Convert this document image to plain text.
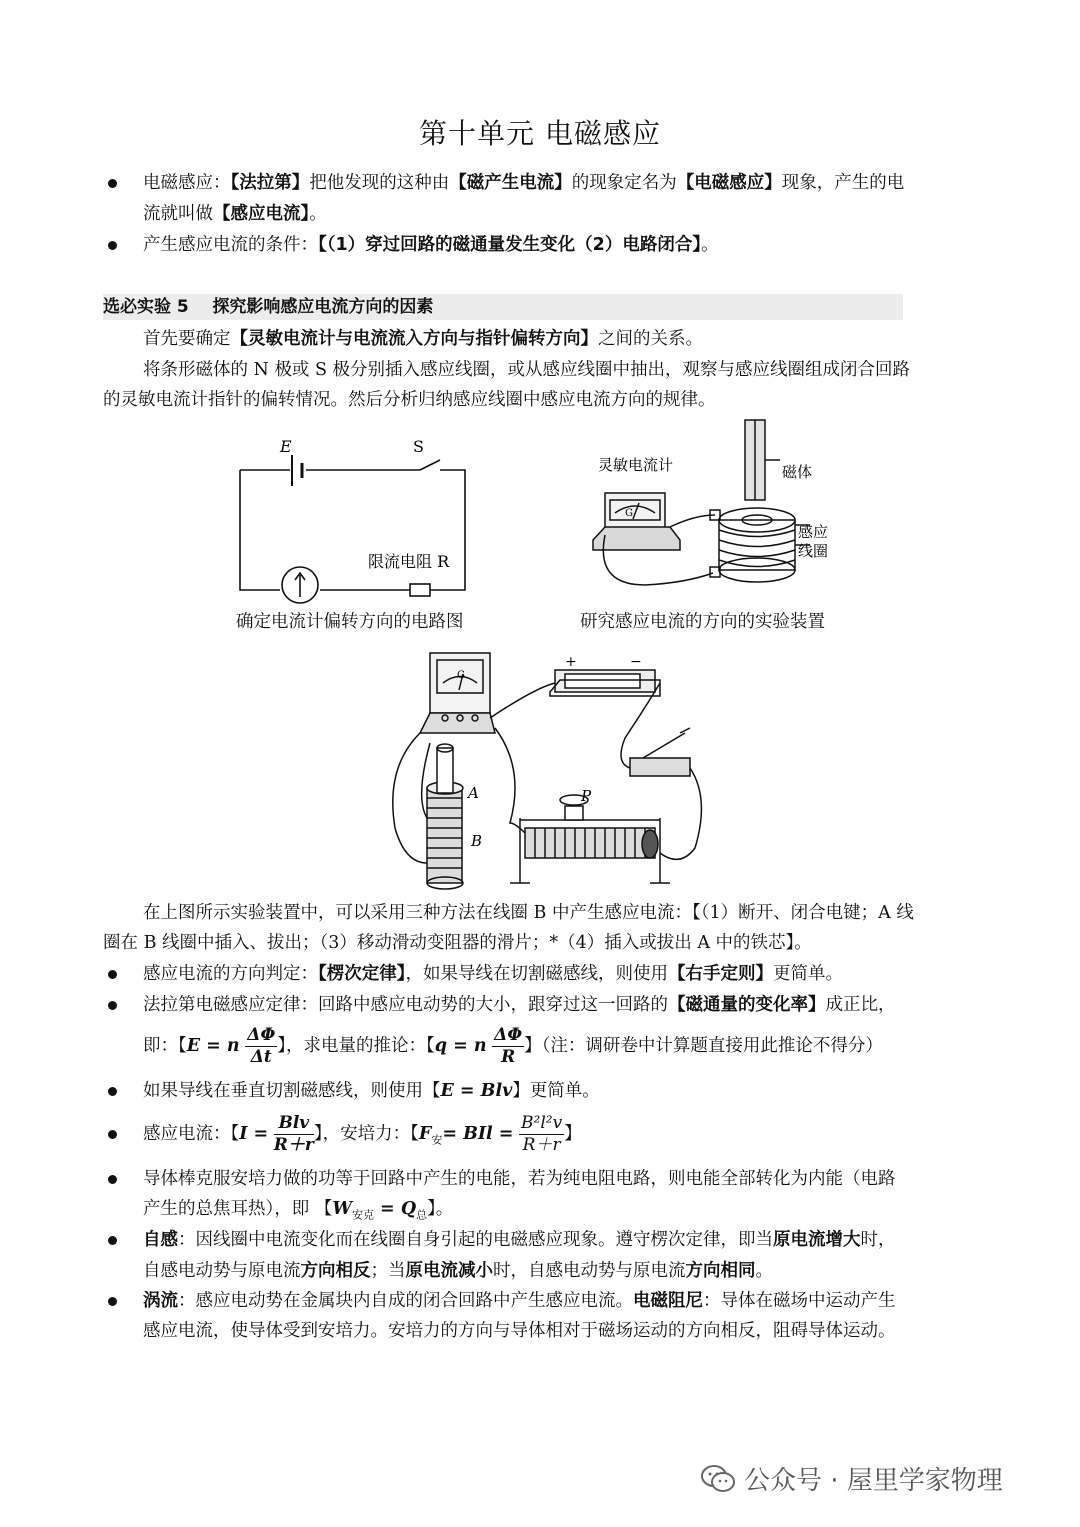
第十单元 电磁感应
电磁感应：【法拉第】把他发现的这种由【磁产生电流】的现象定名为【电磁感应】现象，产生的电
流就叫做【感应电流】。
产生感应电流的条件：【（1）穿过回路的磁通量发生变化（2）电路闭合】。
选必实验 5 探究影响感应电流方向的因素
首先要确定【灵敏电流计与电流流入方向与指针偏转方向】之间的关系。
将条形磁体的 N 极或 S 极分别插入感应线圈，或从感应线圈中抽出，观察与感应线圈组成闭合回路
的灵敏电流计指针的偏转情况。然后分析归纳感应线圈中感应电流方向的规律。
E	S
限流电阻 R
确定电流计偏转方向的电路图
灵敏电流计	磁体
感应
线圈
G
研究感应电流的方向的实验装置
A
B
P
+	−
G
在上图所示实验装置中，可以采用三种方法在线圈 B 中产生感应电流：【（1）断开、闭合电键；A 线
圈在 B 线圈中插入、拔出；（3）移动滑动变阻器的滑片；*（4）插入或拔出 A 中的铁芯】。
感应电流的方向判定：【楞次定律】，如果导线在切割磁感线，则使用【右手定则】更简单。
法拉第电磁感应定律：回路中感应电动势的大小，跟穿过这一回路的【磁通量的变化率】成正比，
即：【E = n $\frac{\Delta\Phi}{\Delta t}$ 】，求电量的推论：【q = n $\frac{\Delta\Phi}{R}$ 】（注：调研卷中计算题直接用此推论不得分）
如果导线在垂直切割磁感线，则使用【E = Blv】更简单。
感应电流：【$I = \frac{\text{Blv}}{R+r}$ 】，安培力：【$F_安=$ BIl = $\frac{\text{B²l²v}}{R+r}$ 】
导体棒克服安培力做的功等于回路中产生的电能，若为纯电阻电路，则电能全部转化为内能（电路
产生的总焦耳热），即 【$W_{安克} = Q_总$】。
自感：因线圈中电流变化而在线圈自身引起的电磁感应现象。遵守楞次定律，即当原电流增大时，
自感电动势与原电流方向相反；当原电流减小时，自感电动势与原电流方向相同。
涡流：感应电动势在金属块内自成的闭合回路中产生感应电流。电磁阻尼：导体在磁场中运动产生
感应电流，使导体受到安培力。安培力的方向与导体相对于磁场运动的方向相反，阻碍导体运动。
公众号 · 屋里学家物理
